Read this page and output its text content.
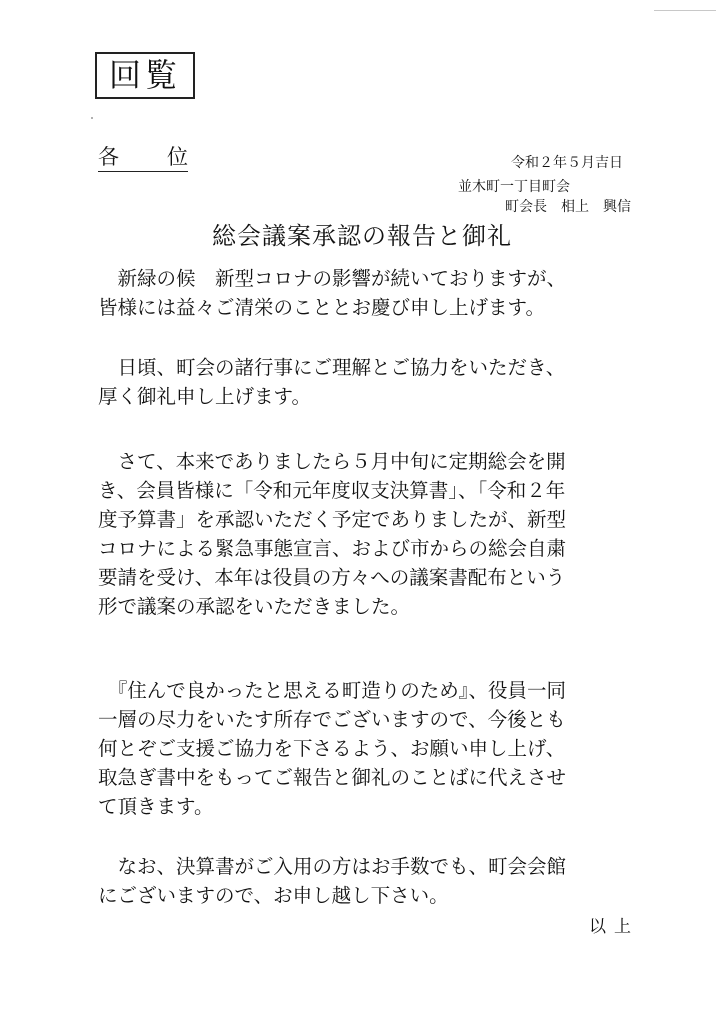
回覧
各位	令和２年５月吉日
並木町一丁目町会
町会長　相上　興信
総会議案承認の報告と御礼

　新緑の候　新型コロナの影響が続いておりますが、
皆様には益々ご清栄のこととお慶び申し上げます。

　日頃、町会の諸行事にご理解とご協力をいただき、
厚く御礼申し上げます。

　さて、本来でありましたら５月中旬に定期総会を開
き、会員皆様に「令和元年度収支決算書」、「令和２年
度予算書」を承認いただく予定でありましたが、新型
コロナによる緊急事態宣言、および市からの総会自粛
要請を受け、本年は役員の方々への議案書配布という
形で議案の承認をいただきました。

　『住んで良かったと思える町造りのため』、役員一同
一層の尽力をいたす所存でございますので、今後とも
何とぞご支援ご協力を下さるよう、お願い申し上げ、
取急ぎ書中をもってご報告と御礼のことばに代えさせ
て頂きます。

　なお、決算書がご入用の方はお手数でも、町会会館
にございますので、お申し越し下さい。

以上
